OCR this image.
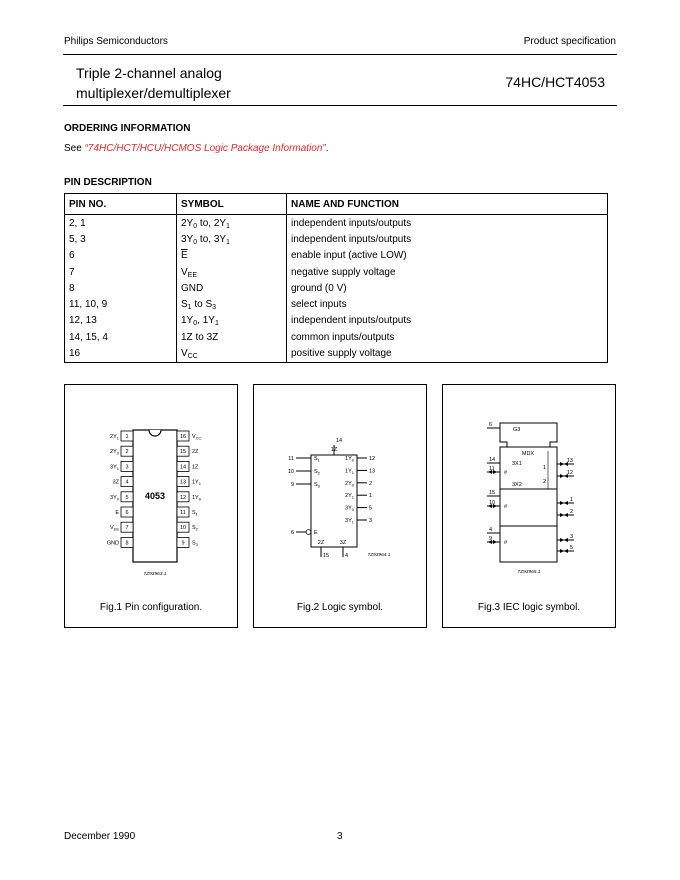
Philips Semiconductors	Product specification
Triple 2-channel analog
multiplexer/demultiplexer
74HC/HCT4053
ORDERING INFORMATION
See “74HC/HCT/HCU/HCMOS Logic Package Information”.
PIN DESCRIPTION
PIN NO.	SYMBOL	NAME AND FUNCTION
2, 1	$2Y_0$ to, $2Y_1$	independent inputs/outputs
5, 3	$3Y_0$ to, $3Y_1$	independent inputs/outputs
6	$\overline{E}$	enable input (active LOW)
7	$V_{EE}$	negative supply voltage
8	GND	ground (0 V)
11, 10, 9	$S_1$ to $S_3$	select inputs
12, 13	$1Y_0$, $1Y_1$	independent inputs/outputs
14, 15, 4	1Z to 3Z	common inputs/outputs
16	$V_{CC}$	positive supply voltage
4053
1
$2Y_1$	16 $V_{CC}$
2
$2Y_0$	15 2Z
3
$3Y_1$	14 1Z
4
3Z	13 $1Y_1$
5
$3Y_0$	12 $1Y_0$
6
E	11 $S_1$
7
$V_{EE}$	10 $S_2$
8
GND	9 $S_3$
7Z93963.1
Fig.1 Pin configuration.
11	$S_1$
10	$S_2$
9	$S_3$
6	E
12
$1Y_0$
13
$1Y_1$
2
$2Y_0$
1
$2Y_1$
5
$3Y_0$
3
$3Y_1$
14
1Z
15
2Z
4
3Z
7Z93964.1
Fig.2 Logic symbol.
G3
MDX
6
14
3X1
11
#
3X2
15
10
#
4
9
#
13
12
1
2
1
2
3
5
7Z93965.1
Fig.3 IEC logic symbol.
December 1990	3
